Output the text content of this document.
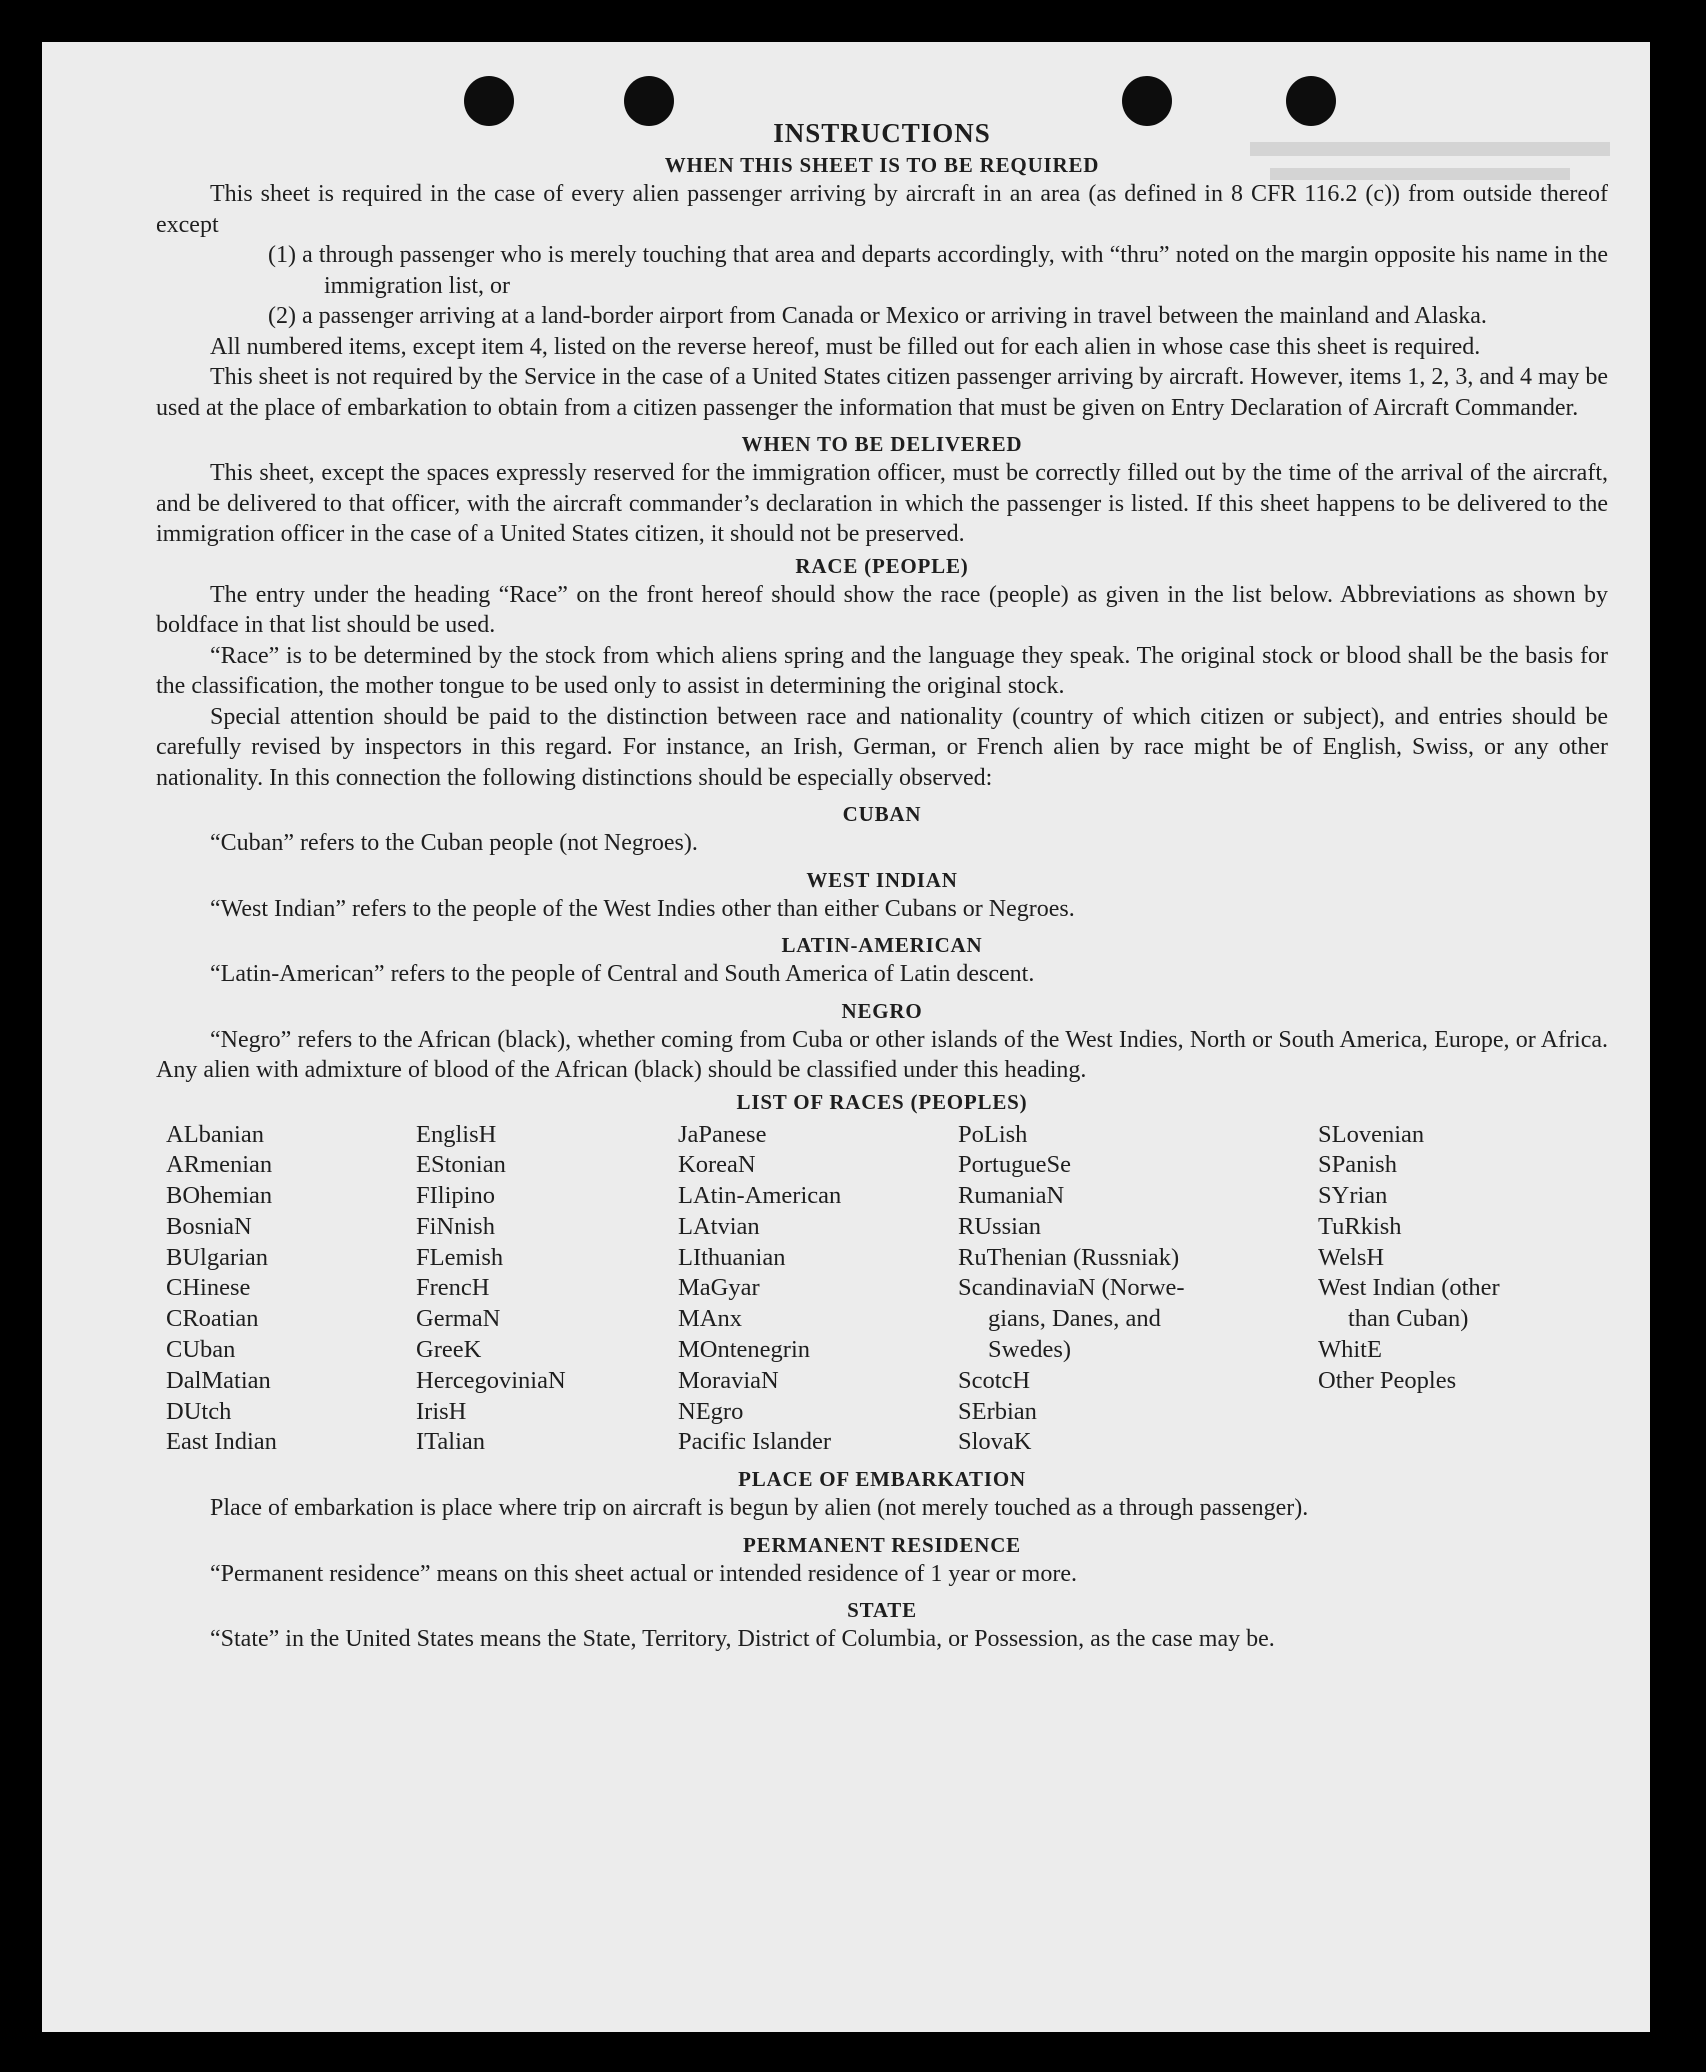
INSTRUCTIONS
WHEN THIS SHEET IS TO BE REQUIRED

This sheet is required in the case of every alien passenger arriving by aircraft in an area (as defined in 8 CFR 116.2 (c)) from outside thereof except

(1) a through passenger who is merely touching that area and departs accordingly, with “thru” noted on the margin opposite his name in the immigration list, or

(2) a passenger arriving at a land-border airport from Canada or Mexico or arriving in travel between the mainland and Alaska.

All numbered items, except item 4, listed on the reverse hereof, must be filled out for each alien in whose case this sheet is required.

This sheet is not required by the Service in the case of a United States citizen passenger arriving by aircraft. However, items 1, 2, 3, and 4 may be used at the place of embarkation to obtain from a citizen passenger the information that must be given on Entry Declaration of Aircraft Commander.

WHEN TO BE DELIVERED

This sheet, except the spaces expressly reserved for the immigration officer, must be correctly filled out by the time of the arrival of the aircraft, and be delivered to that officer, with the aircraft commander’s declaration in which the passenger is listed. If this sheet happens to be delivered to the immigration officer in the case of a United States citizen, it should not be preserved.

RACE (PEOPLE)

The entry under the heading “Race” on the front hereof should show the race (people) as given in the list below. Abbreviations as shown by boldface in that list should be used.

“Race” is to be determined by the stock from which aliens spring and the language they speak. The original stock or blood shall be the basis for the classification, the mother tongue to be used only to assist in determining the original stock.

Special attention should be paid to the distinction between race and nationality (country of which citizen or subject), and entries should be carefully revised by inspectors in this regard. For instance, an Irish, German, or French alien by race might be of English, Swiss, or any other nationality. In this connection the following distinctions should be especially observed:

CUBAN

“Cuban” refers to the Cuban people (not Negroes).

WEST INDIAN

“West Indian” refers to the people of the West Indies other than either Cubans or Negroes.

LATIN-AMERICAN

“Latin-American” refers to the people of Central and South America of Latin descent.

NEGRO

“Negro” refers to the African (black), whether coming from Cuba or other islands of the West Indies, North or South America, Europe, or Africa. Any alien with admixture of blood of the African (black) should be classified under this heading.

LIST OF RACES (PEOPLES)
ALbanian
ARmenian
BOhemian
BosniaN
BUlgarian
CHinese
CRoatian
CUban
DalMatian
DUtch
East Indian
EnglisH
EStonian
FIlipino
FiNnish
FLemish
FrencH
GermaN
GreeK
HercegoviniaN
IrisH
ITalian
JaPanese
KoreaN
LAtin-American
LAtvian
LIthuanian
MaGyar
MAnx
MOntenegrin
MoraviaN
NEgro
Pacific Islander
PoLish
PortugueSe
RumaniaN
RUssian
RuThenian (Russniak)
ScandinaviaN (Norwe-
gians, Danes, and
Swedes)
ScotcH
SErbian
SlovaK
SLovenian
SPanish
SYrian
TuRkish
WelsH
West Indian (other
than Cuban)
WhitE
Other Peoples
PLACE OF EMBARKATION

Place of embarkation is place where trip on aircraft is begun by alien (not merely touched as a through passenger).

PERMANENT RESIDENCE

“Permanent residence” means on this sheet actual or intended residence of 1 year or more.

STATE

“State” in the United States means the State, Territory, District of Columbia, or Possession, as the case may be.
